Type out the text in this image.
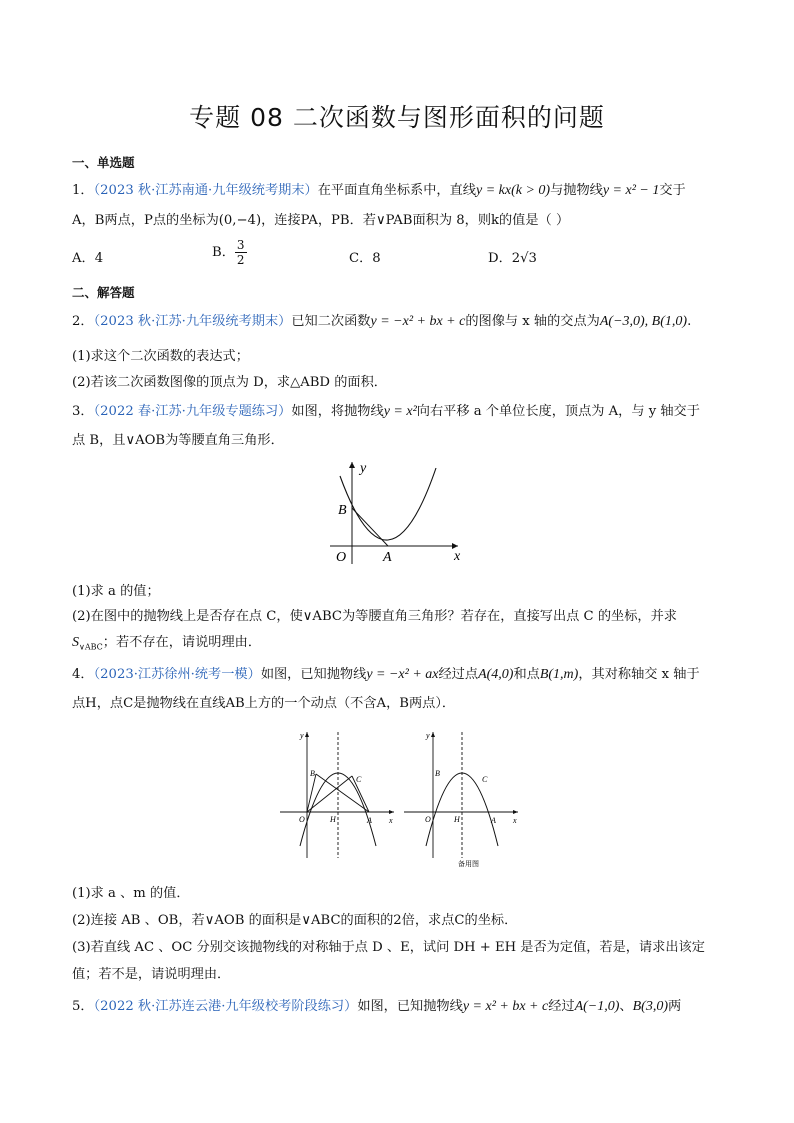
专题 08 二次函数与图形面积的问题
一、单选题
1．（2023 秋·江苏南通·九年级统考期末）在平面直角坐标系中，直线y = kx(k > 0)与抛物线y = x² − 1交于
A，B两点，P点的坐标为(0,−4)，连接PA，PB．若∨PAB面积为 8，则k的值是（ ）
A．4	B． $\frac{3}{2}$	C．8	D．2√3
二、解答题
2．（2023 秋·江苏·九年级统考期末）已知二次函数y = −x² + bx + c的图像与 x 轴的交点为A(−3,0), B(1,0).
(1)求这个二次函数的表达式；
(2)若该二次函数图像的顶点为 D，求△ABD 的面积．
3．（2022 春·江苏·九年级专题练习）如图，将抛物线y = x²向右平移 a 个单位长度，顶点为 A，与 y 轴交于
点 B，且∨AOB为等腰直角三角形．
y
x
O	A
B
(1)求 a 的值；
(2)在图中的抛物线上是否存在点 C，使∨ABC为等腰直角三角形？若存在，直接写出点 C 的坐标，并求
$S_{\vee ABC}$；若不存在，请说明理由．
4．（2023·江苏徐州·统考一模）如图，已知抛物线y = −x² + ax经过点A(4,0)和点B(1,m)，其对称轴交 x 轴于
点H，点C是抛物线在直线AB上方的一个动点（不含A，B两点）．
O	H	A
B
C
x
y
O	H	A
B
C
x
y
备用图
(1)求 a 、m 的值．
(2)连接 AB 、OB，若∨AOB 的面积是∨ABC的面积的2倍，求点C的坐标．
(3)若直线 AC 、OC 分别交该抛物线的对称轴于点 D 、E，试问 DH + EH 是否为定值，若是，请求出该定
值；若不是，请说明理由．
5．（2022 秋·江苏连云港·九年级校考阶段练习）如图，已知抛物线y = x² + bx + c经过A(−1,0)、B(3,0)两
